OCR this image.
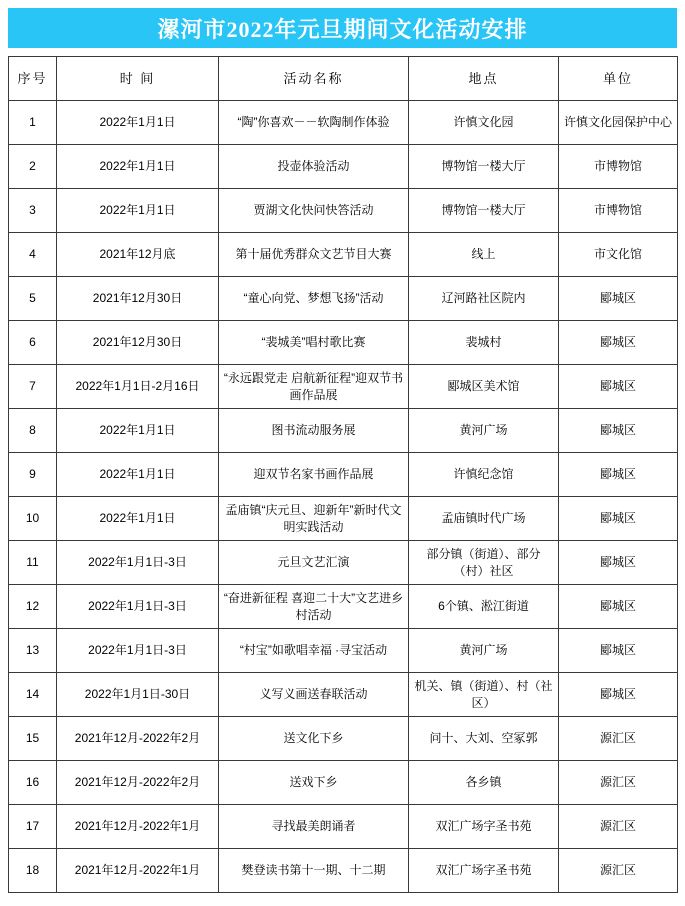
漯河市2022年元旦期间文化活动安排
序号	时 间	活动名称	地点	单位
1	2022年1月1日	“陶”你喜欢－－软陶制作体验	许慎文化园	许慎文化园保护中心
2	2022年1月1日	投壶体验活动	博物馆一楼大厅	市博物馆
3	2022年1月1日	贾湖文化快问快答活动	博物馆一楼大厅	市博物馆
4	2021年12月底	第十届优秀群众文艺节目大赛	线上	市文化馆
5	2021年12月30日	“童心向党、梦想飞扬”活动	辽河路社区院内	郾城区
6	2021年12月30日	“裴城美”唱村歌比赛	裴城村	郾城区
7	2022年1月1日-2月16日	“永远跟党走 启航新征程”迎双节书画作品展	郾城区美术馆	郾城区
8	2022年1月1日	图书流动服务展	黄河广场	郾城区
9	2022年1月1日	迎双节名家书画作品展	许慎纪念馆	郾城区
10	2022年1月1日	孟庙镇“庆元旦、迎新年”新时代文明实践活动	孟庙镇时代广场	郾城区
11	2022年1月1日-3日	元旦文艺汇演	部分镇（街道）、部分（村）社区	郾城区
12	2022年1月1日-3日	“奋进新征程 喜迎二十大”文艺进乡村活动	6个镇、淞江街道	郾城区
13	2022年1月1日-3日	“村宝”如歌唱幸福 ·寻宝活动	黄河广场	郾城区
14	2022年1月1日-30日	义写义画送春联活动	机关、镇（街道）、村（社区）	郾城区
15	2021年12月-2022年2月	送文化下乡	问十、大刘、空冢郭	源汇区
16	2021年12月-2022年2月	送戏下乡	各乡镇	源汇区
17	2021年12月-2022年1月	寻找最美朗诵者	双汇广场字圣书苑	源汇区
18	2021年12月-2022年1月	樊登读书第十一期、十二期	双汇广场字圣书苑	源汇区
